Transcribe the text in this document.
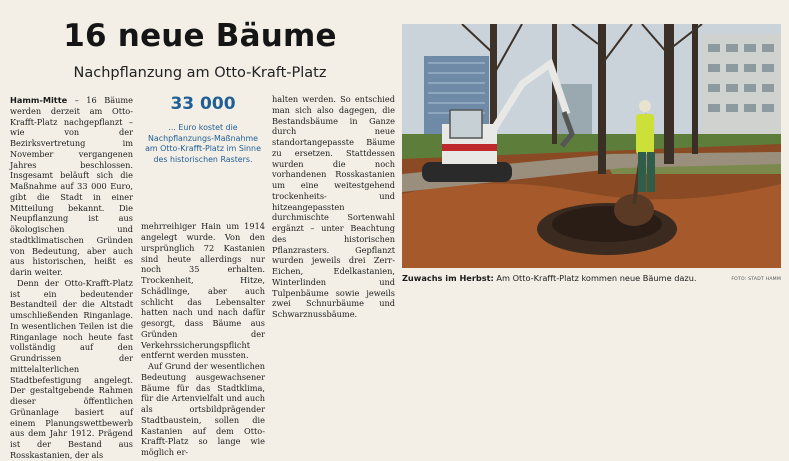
16 neue Bäume
Nachpflanzung am Otto-Kraft-Platz

Hamm-Mitte – 16 Bäume werden derzeit am Otto-Krafft-Platz nachgepflanzt – wie von der Bezirksvertretung im November vergangenen Jahres beschlossen. Insgesamt beläuft sich die Maßnahme auf 33 000 Euro, gibt die Stadt in einer Mitteilung bekannt. Die Neupflanzung ist aus ökologischen und stadtklimatischen Gründen von Bedeutung, aber auch aus historischen, heißt es darin weiter.

Denn der Otto-Krafft-Platz ist ein bedeutender Bestandteil der die Altstadt umschließenden Ringanlage. In wesentlichen Teilen ist die Ringanlage noch heute fast vollständig auf den Grundrissen der mittelalterlichen Stadtbefestigung angelegt. Der gestaltgebende Rahmen dieser öffentlichen Grünanlage basiert auf einem Planungswettbewerb aus dem Jahr 1912. Prägend ist der Bestand aus Rosskastanien, der als

33 000
... Euro kostet die Nachpflanzungs-Maßnahme am Otto-Krafft-Platz im Sinne des historischen Rasters.

mehrreihiger Hain um 1914 angelegt wurde. Von den ursprünglich 72 Kastanien sind heute allerdings nur noch 35 erhalten. Trockenheit, Hitze, Schädlinge, aber auch schlicht das Lebensalter hatten nach und nach dafür gesorgt, dass Bäume aus Gründen der Verkehrssicherungspflicht entfernt werden mussten.

Auf Grund der wesentlichen Bedeutung ausgewachsener Bäume für das Stadtklima, für die Artenvielfalt und auch als ortsbildprägender Stadtbaustein, sollen die Kastanien auf dem Otto-Krafft-Platz so lange wie möglich er-

halten werden. So entschied man sich also dagegen, die Bestandsbäume in Ganze durch neue standortangepasste Bäume zu ersetzen. Stattdessen wurden die noch vorhandenen Rosskastanien um eine weitestgehend trockenheits- und hitzeangepassten durchmischte Sortenwahl ergänzt – unter Beachtung des historischen Pflanzrasters. Gepflanzt wurden jeweils drei Zerr-Eichen, Edelkastanien, Winterlinden und Tulpenbäume sowie jeweils zwei Schnurbäume und Schwarznussbäume.

Zuwachs im Herbst: Am Otto-Krafft-Platz kommen neue Bäume dazu.	FOTO: STADT HAMM
